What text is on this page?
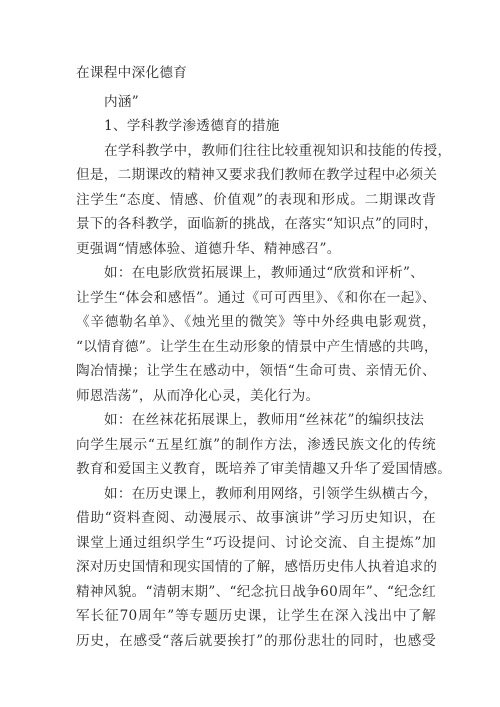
在课程中深化德育
内涵”
1、学科教学渗透德育的措施
在学科教学中，教师们往往比较重视知识和技能的传授，
但是，二期课改的精神又要求我们教师在教学过程中必须关
注学生“态度、情感、价值观”的表现和形成。二期课改背
景下的各科教学，面临新的挑战，在落实“知识点”的同时，
更强调“情感体验、道德升华、精神感召”。
如：在电影欣赏拓展课上，教师通过“欣赏和评析”、
让学生“体会和感悟”。通过《可可西里》、《和你在一起》、
《辛德勒名单》、《烛光里的微笑》等中外经典电影观赏，
“以情育德”。让学生在生动形象的情景中产生情感的共鸣，
陶冶情操；让学生在感动中，领悟“生命可贵、亲情无价、
师恩浩荡”，从而净化心灵，美化行为。
如：在丝袜花拓展课上，教师用“丝袜花”的编织技法
向学生展示“五星红旗”的制作方法，渗透民族文化的传统
教育和爱国主义教育，既培养了审美情趣又升华了爱国情感。
如：在历史课上，教师利用网络，引领学生纵横古今，
借助“资料查阅、动漫展示、故事演讲”学习历史知识，在
课堂上通过组织学生“巧设提问、讨论交流、自主提炼”加
深对历史国情和现实国情的了解，感悟历史伟人执着追求的
精神风貌。“清朝末期”、“纪念抗日战争60周年”、“纪念红
军长征70周年”等专题历史课，让学生在深入浅出中了解
历史，在感受“落后就要挨打”的那份悲壮的同时，也感受
